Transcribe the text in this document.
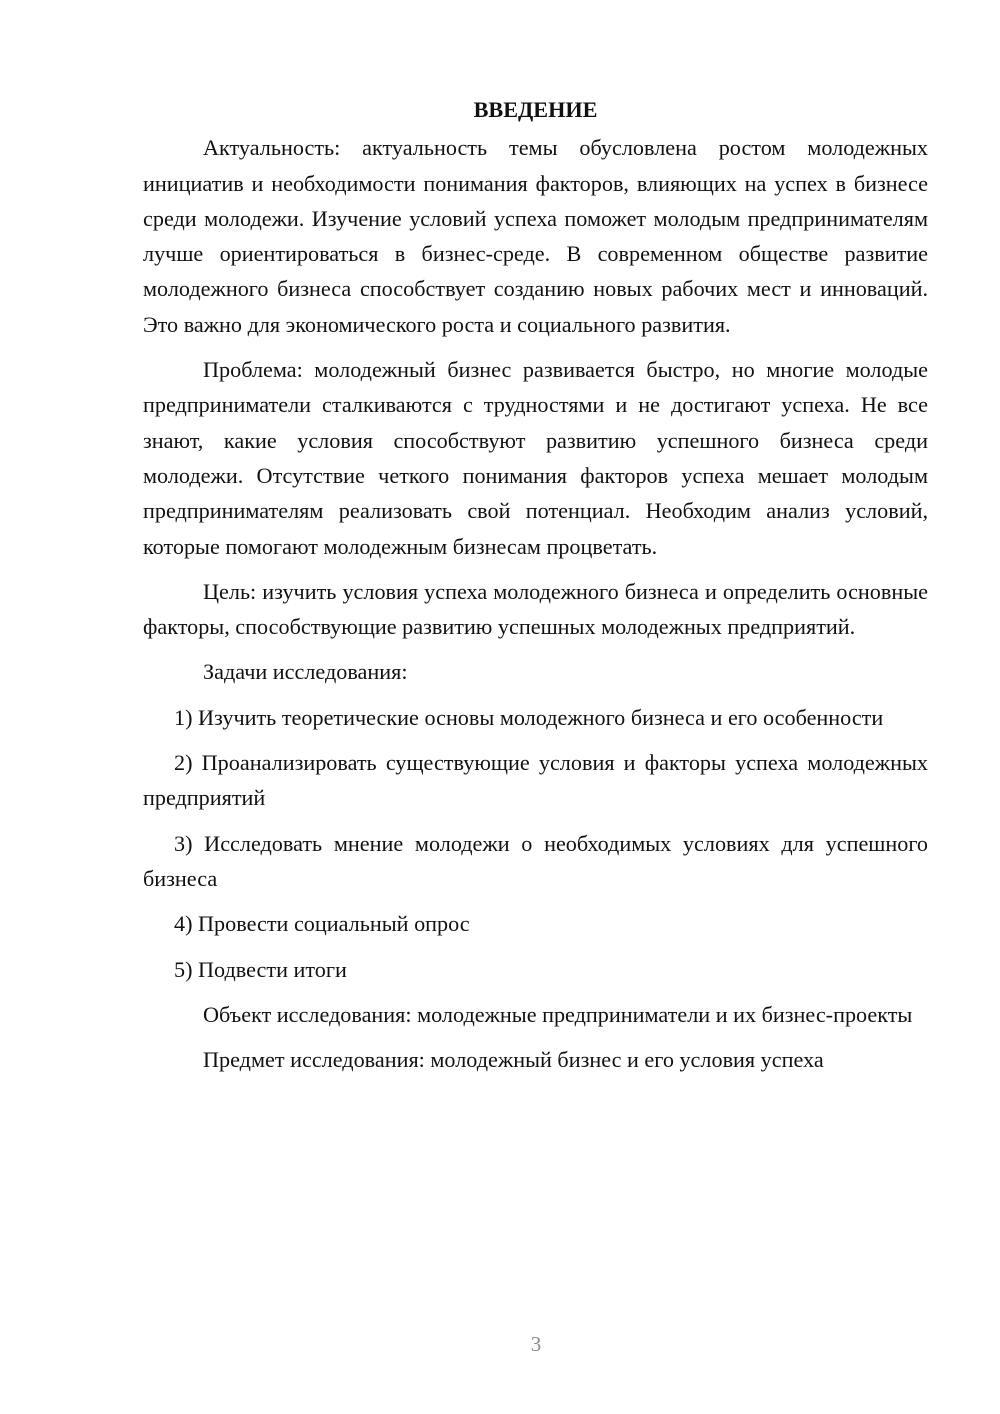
ВВЕДЕНИЕ

Актуальность: актуальность темы обусловлена ростом молодежных инициатив и необходимости понимания факторов, влияющих на успех в бизнесе среди молодежи. Изучение условий успеха поможет молодым предпринимателям лучше ориентироваться в бизнес-среде. В современном обществе развитие молодежного бизнеса способствует созданию новых рабочих мест и инноваций. Это важно для экономического роста и социального развития.

Проблема: молодежный бизнес развивается быстро, но многие молодые предприниматели сталкиваются с трудностями и не достигают успеха. Не все знают, какие условия способствуют развитию успешного бизнеса среди молодежи. Отсутствие четкого понимания факторов успеха мешает молодым предпринимателям реализовать свой потенциал. Необходим анализ условий, которые помогают молодежным бизнесам процветать.

Цель: изучить условия успеха молодежного бизнеса и определить основные факторы, способствующие развитию успешных молодежных предприятий.

Задачи исследования:

1) Изучить теоретические основы молодежного бизнеса и его особенности

2) Проанализировать существующие условия и факторы успеха молодежных предприятий

3) Исследовать мнение молодежи о необходимых условиях для успешного бизнеса

4) Провести социальный опрос

5) Подвести итоги

Объект исследования: молодежные предприниматели и их бизнес-проекты

Предмет исследования: молодежный бизнес и его условия успеха

3
